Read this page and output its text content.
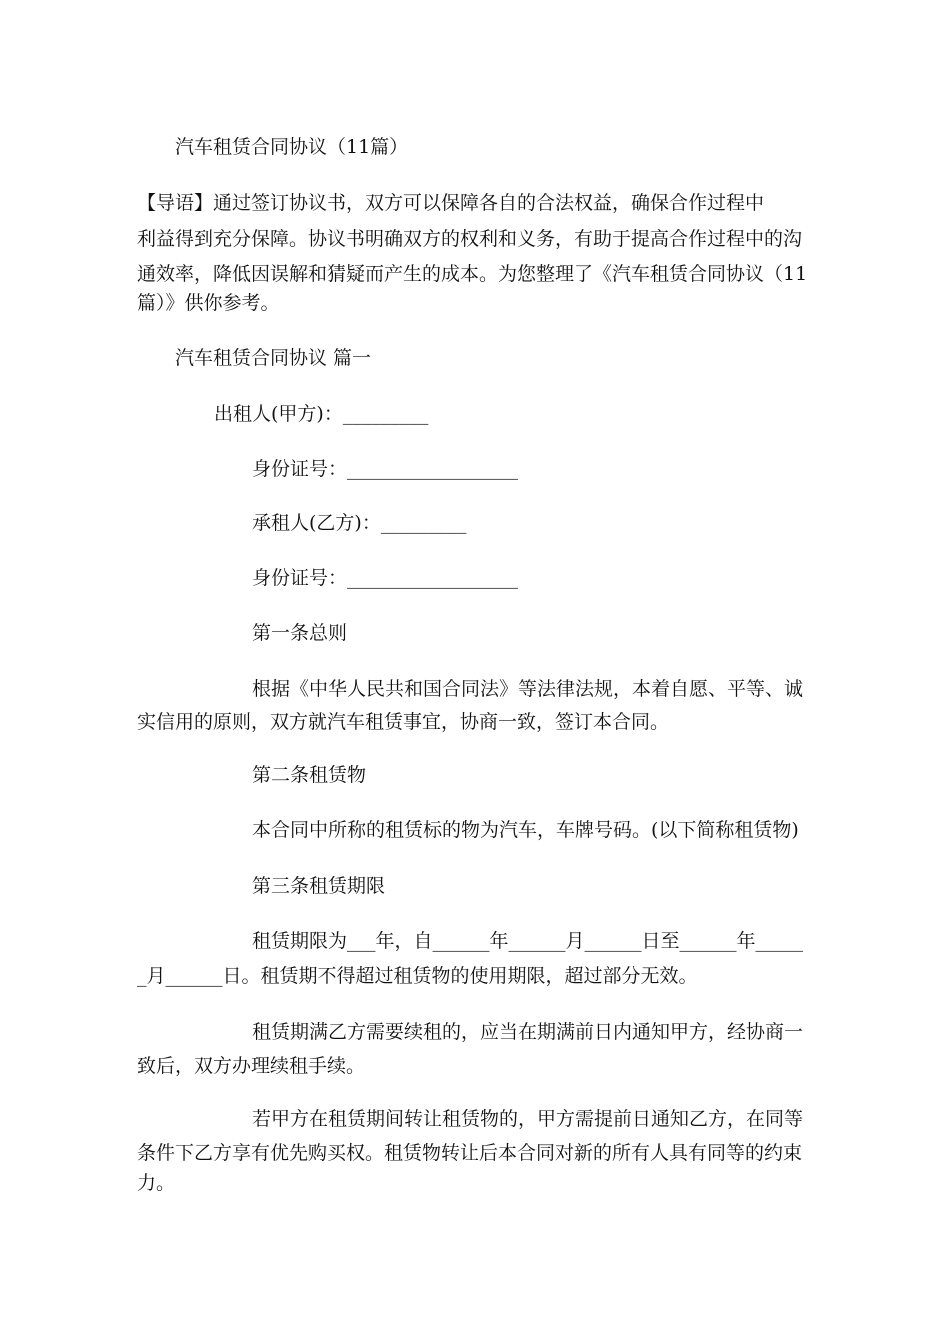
汽车租赁合同协议（11篇）
【导语】通过签订协议书，双方可以保障各自的合法权益，确保合作过程中
利益得到充分保障。协议书明确双方的权利和义务，有助于提高合作过程中的沟
通效率，降低因误解和猜疑而产生的成本。为您整理了《汽车租赁合同协议（11
篇）》供你参考。
汽车租赁合同协议 篇一
出租人(甲方)：_________
身份证号：__________________
承租人(乙方)：_________
身份证号：__________________
第一条总则
根据《中华人民共和国合同法》等法律法规，本着自愿、平等、诚
实信用的原则，双方就汽车租赁事宜，协商一致，签订本合同。
第二条租赁物
本合同中所称的租赁标的物为汽车，车牌号码。(以下简称租赁物)
第三条租赁期限
租赁期限为___年，自______年______月______日至______年_____
_月______日。租赁期不得超过租赁物的使用期限，超过部分无效。
租赁期满乙方需要续租的，应当在期满前日内通知甲方，经协商一
致后，双方办理续租手续。
若甲方在租赁期间转让租赁物的，甲方需提前日通知乙方，在同等
条件下乙方享有优先购买权。租赁物转让后本合同对新的所有人具有同等的约束
力。
